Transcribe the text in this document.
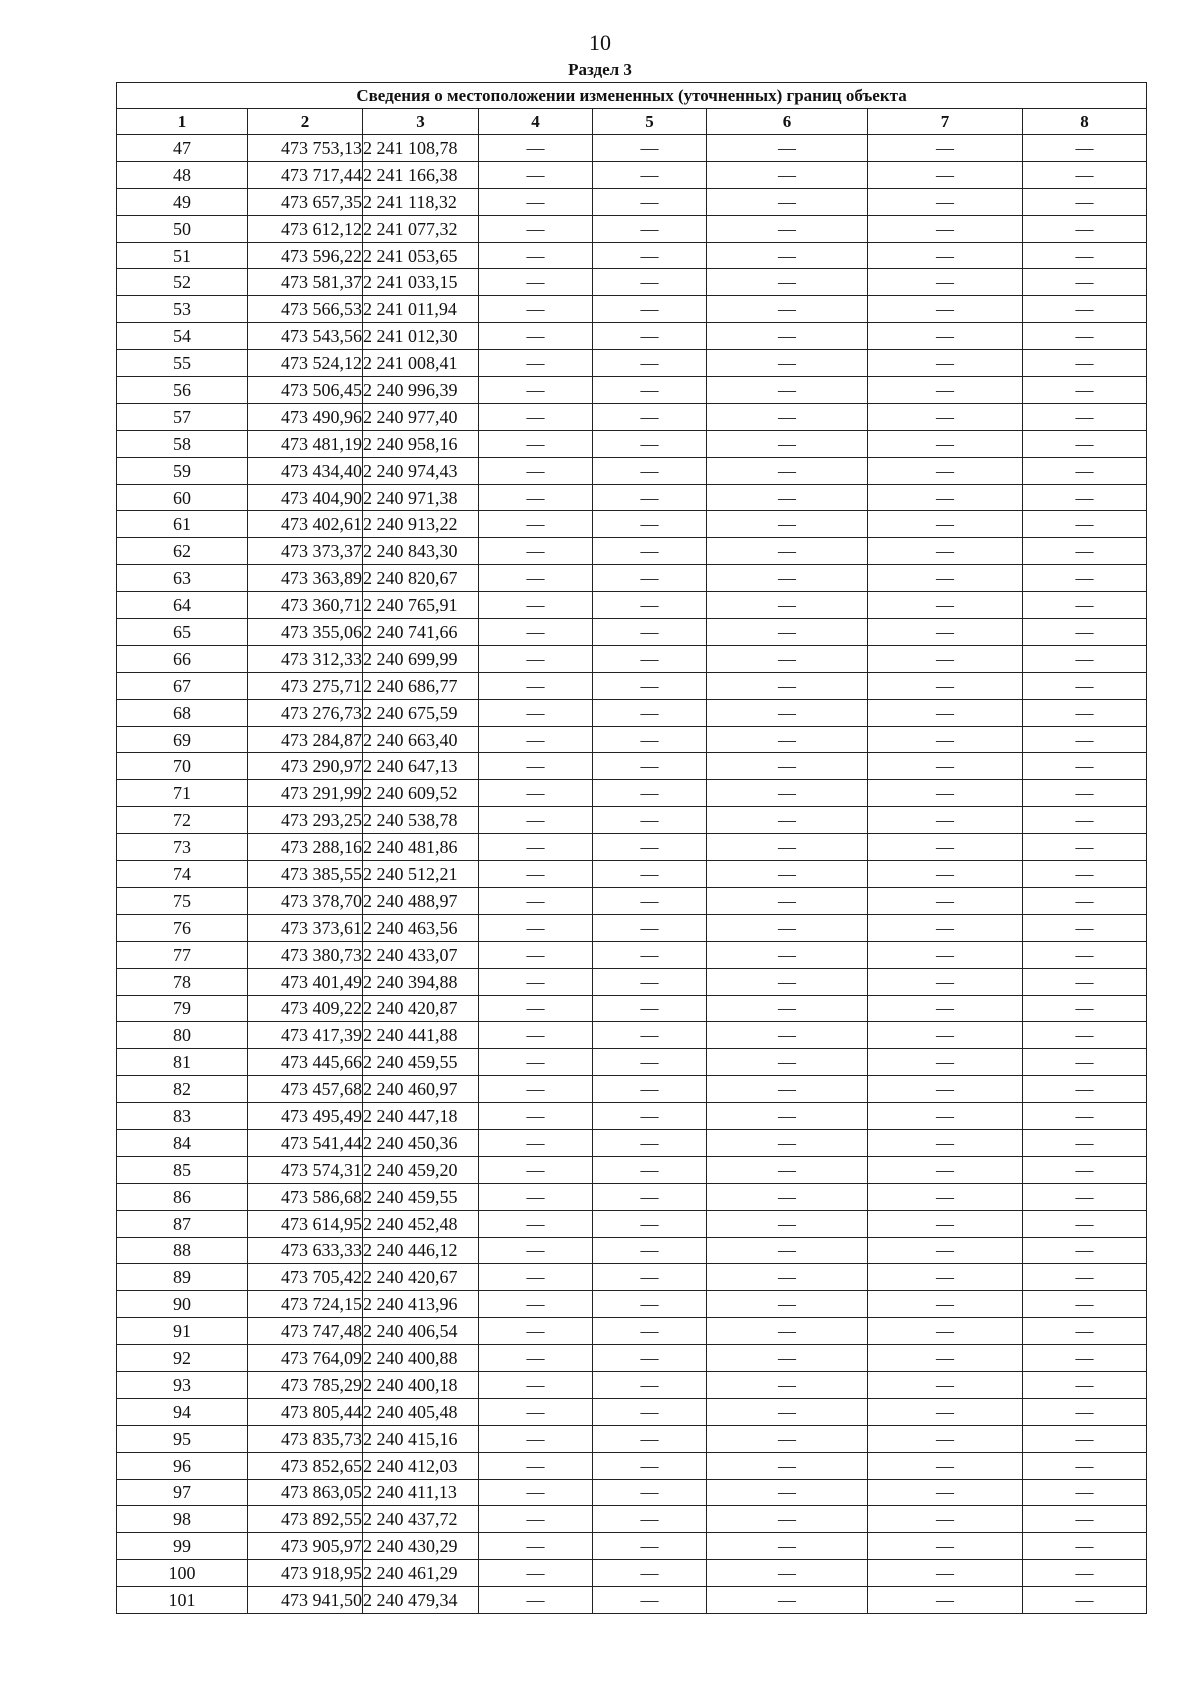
10
Раздел 3
Сведения о местоположении измененных (уточненных) границ объекта							
1	2	3	4	5	6	7	8
47	473 753,13	2 241 108,78	—	—	—	—	—
48	473 717,44	2 241 166,38	—	—	—	—	—
49	473 657,35	2 241 118,32	—	—	—	—	—
50	473 612,12	2 241 077,32	—	—	—	—	—
51	473 596,22	2 241 053,65	—	—	—	—	—
52	473 581,37	2 241 033,15	—	—	—	—	—
53	473 566,53	2 241 011,94	—	—	—	—	—
54	473 543,56	2 241 012,30	—	—	—	—	—
55	473 524,12	2 241 008,41	—	—	—	—	—
56	473 506,45	2 240 996,39	—	—	—	—	—
57	473 490,96	2 240 977,40	—	—	—	—	—
58	473 481,19	2 240 958,16	—	—	—	—	—
59	473 434,40	2 240 974,43	—	—	—	—	—
60	473 404,90	2 240 971,38	—	—	—	—	—
61	473 402,61	2 240 913,22	—	—	—	—	—
62	473 373,37	2 240 843,30	—	—	—	—	—
63	473 363,89	2 240 820,67	—	—	—	—	—
64	473 360,71	2 240 765,91	—	—	—	—	—
65	473 355,06	2 240 741,66	—	—	—	—	—
66	473 312,33	2 240 699,99	—	—	—	—	—
67	473 275,71	2 240 686,77	—	—	—	—	—
68	473 276,73	2 240 675,59	—	—	—	—	—
69	473 284,87	2 240 663,40	—	—	—	—	—
70	473 290,97	2 240 647,13	—	—	—	—	—
71	473 291,99	2 240 609,52	—	—	—	—	—
72	473 293,25	2 240 538,78	—	—	—	—	—
73	473 288,16	2 240 481,86	—	—	—	—	—
74	473 385,55	2 240 512,21	—	—	—	—	—
75	473 378,70	2 240 488,97	—	—	—	—	—
76	473 373,61	2 240 463,56	—	—	—	—	—
77	473 380,73	2 240 433,07	—	—	—	—	—
78	473 401,49	2 240 394,88	—	—	—	—	—
79	473 409,22	2 240 420,87	—	—	—	—	—
80	473 417,39	2 240 441,88	—	—	—	—	—
81	473 445,66	2 240 459,55	—	—	—	—	—
82	473 457,68	2 240 460,97	—	—	—	—	—
83	473 495,49	2 240 447,18	—	—	—	—	—
84	473 541,44	2 240 450,36	—	—	—	—	—
85	473 574,31	2 240 459,20	—	—	—	—	—
86	473 586,68	2 240 459,55	—	—	—	—	—
87	473 614,95	2 240 452,48	—	—	—	—	—
88	473 633,33	2 240 446,12	—	—	—	—	—
89	473 705,42	2 240 420,67	—	—	—	—	—
90	473 724,15	2 240 413,96	—	—	—	—	—
91	473 747,48	2 240 406,54	—	—	—	—	—
92	473 764,09	2 240 400,88	—	—	—	—	—
93	473 785,29	2 240 400,18	—	—	—	—	—
94	473 805,44	2 240 405,48	—	—	—	—	—
95	473 835,73	2 240 415,16	—	—	—	—	—
96	473 852,65	2 240 412,03	—	—	—	—	—
97	473 863,05	2 240 411,13	—	—	—	—	—
98	473 892,55	2 240 437,72	—	—	—	—	—
99	473 905,97	2 240 430,29	—	—	—	—	—
100	473 918,95	2 240 461,29	—	—	—	—	—
101	473 941,50	2 240 479,34	—	—	—	—	—
